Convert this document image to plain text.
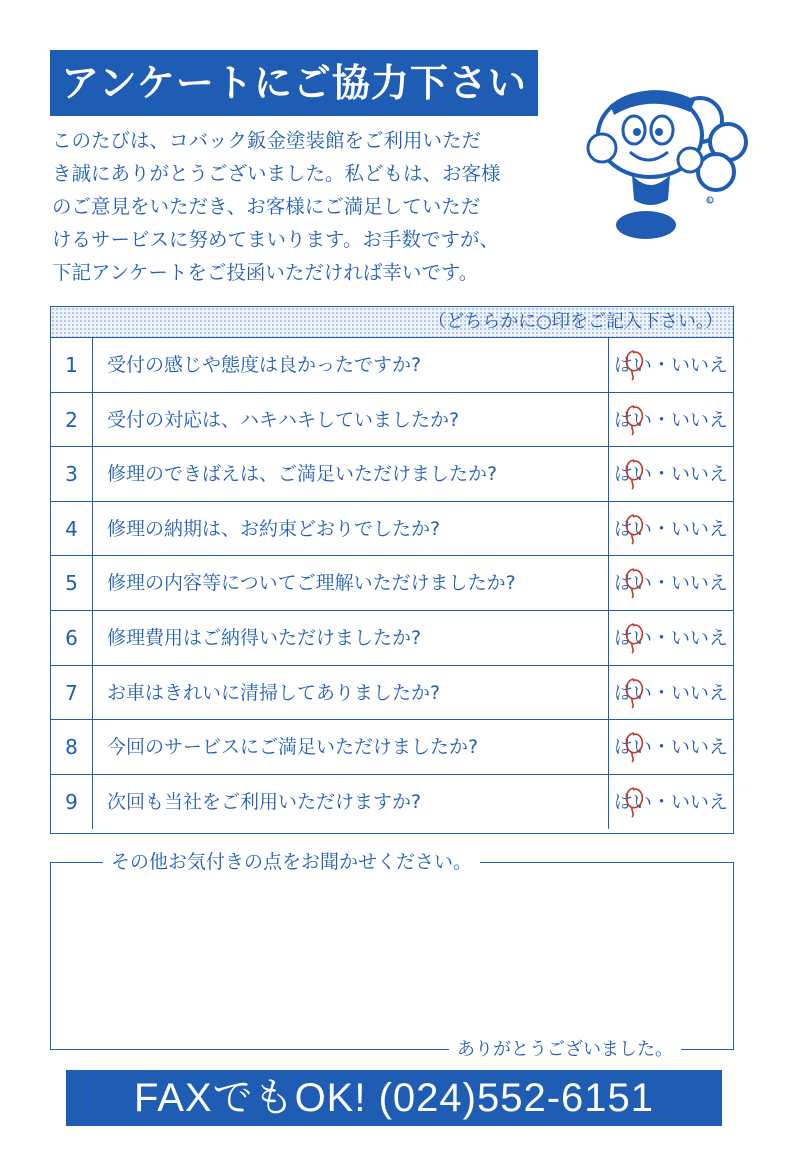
アンケートにご協力下さい
このたびは、コバック鈑金塗装館をご利用いただ
き誠にありがとうございました。私どもは、お客様
のご意見をいただき、お客様にご満足していただ
けるサービスに努めてまいります。お手数ですが、
下記アンケートをご投函いただければ幸いです。
®
（どちらかに○印をご記入下さい。）
1	受付の感じや態度は良かったですか?	はい・いいえ
2	受付の対応は、ハキハキしていましたか?	はい・いいえ
3	修理のできばえは、ご満足いただけましたか?	はい・いいえ
4	修理の納期は、お約束どおりでしたか?	はい・いいえ
5	修理の内容等についてご理解いただけましたか?	はい・いいえ
6	修理費用はご納得いただけましたか?	はい・いいえ
7	お車はきれいに清掃してありましたか?	はい・いいえ
8	今回のサービスにご満足いただけましたか?	はい・いいえ
9	次回も当社をご利用いただけますか?	はい・いいえ
その他お気付きの点をお聞かせください。
ありがとうございました。
FAXでもOK! (024)552-6151
